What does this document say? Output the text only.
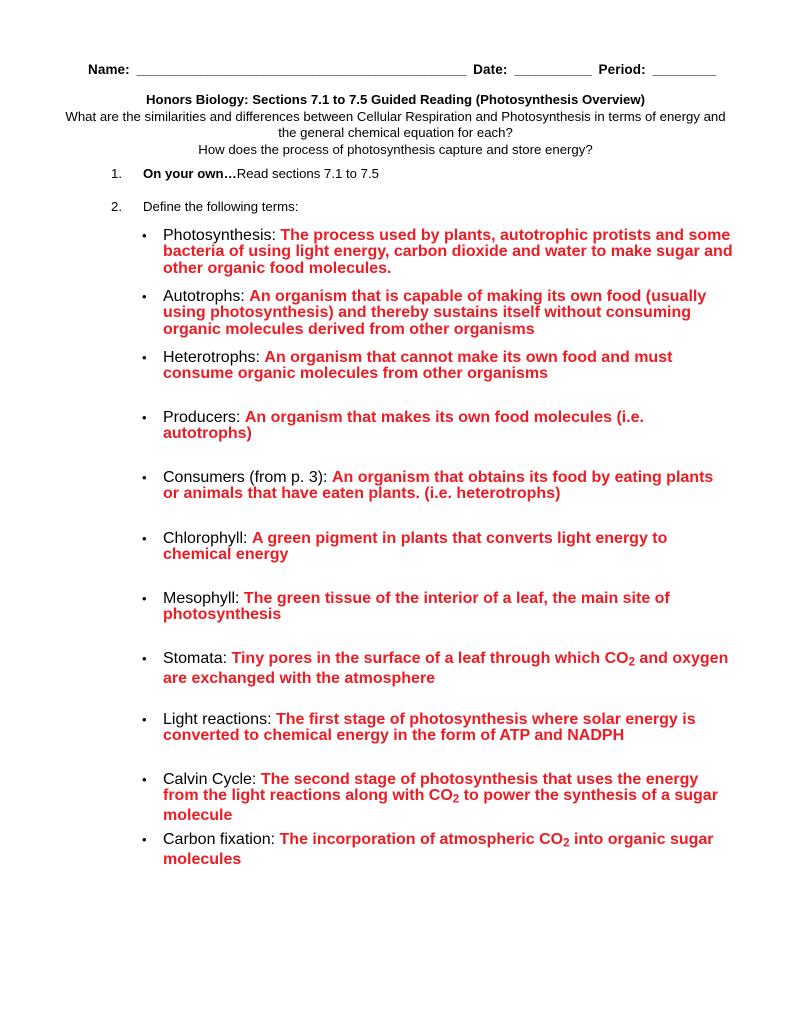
Name: _______________________________________________ Date: ___________ Period: _________
Honors Biology: Sections 7.1 to 7.5 Guided Reading (Photosynthesis Overview)
What are the similarities and differences between Cellular Respiration and Photosynthesis in terms of energy and the general chemical equation for each?
How does the process of photosynthesis capture and store energy?
1. On your own…Read sections 7.1 to 7.5
2. Define the following terms:
• Photosynthesis: The process used by plants, autotrophic protists and some bacteria of using light energy, carbon dioxide and water to make sugar and other organic food molecules.
• Autotrophs: An organism that is capable of making its own food (usually using photosynthesis) and thereby sustains itself without consuming organic molecules derived from other organisms
• Heterotrophs: An organism that cannot make its own food and must consume organic molecules from other organisms
• Producers: An organism that makes its own food molecules (i.e. autotrophs)
• Consumers (from p. 3): An organism that obtains its food by eating plants or animals that have eaten plants. (i.e. heterotrophs)
• Chlorophyll: A green pigment in plants that converts light energy to chemical energy
• Mesophyll: The green tissue of the interior of a leaf, the main site of photosynthesis
• Stomata: Tiny pores in the surface of a leaf through which $CO_2$ and oxygen are exchanged with the atmosphere
• Light reactions: The first stage of photosynthesis where solar energy is converted to chemical energy in the form of ATP and NADPH
• Calvin Cycle: The second stage of photosynthesis that uses the energy from the light reactions along with $CO_2$ to power the synthesis of a sugar molecule
• Carbon fixation: The incorporation of atmospheric $CO_2$ into organic sugar molecules
